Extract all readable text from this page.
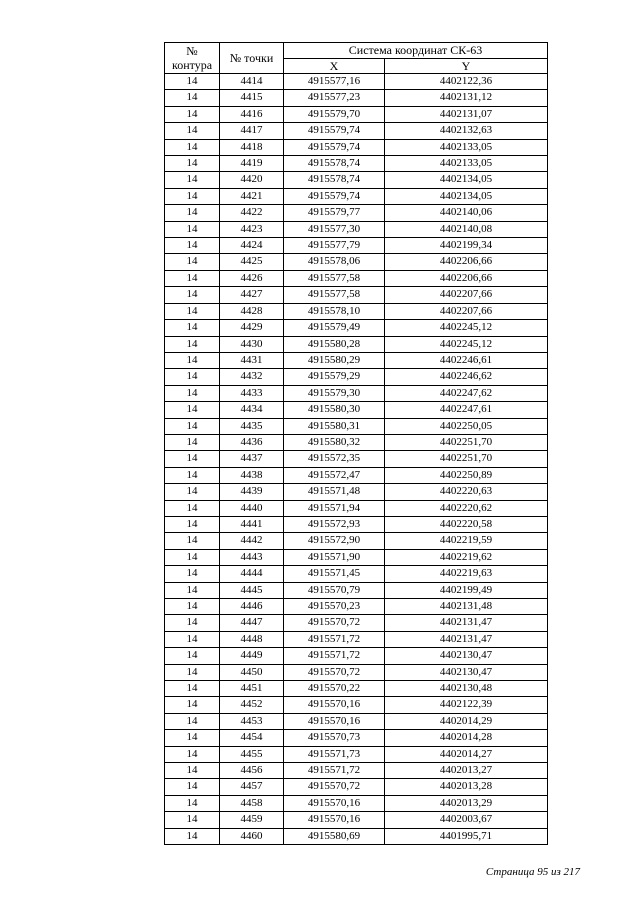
№
контура	№ точки	Система координат СК-63	
		X	Y
14	4414	4915577,16	4402122,36
14	4415	4915577,23	4402131,12
14	4416	4915579,70	4402131,07
14	4417	4915579,74	4402132,63
14	4418	4915579,74	4402133,05
14	4419	4915578,74	4402133,05
14	4420	4915578,74	4402134,05
14	4421	4915579,74	4402134,05
14	4422	4915579,77	4402140,06
14	4423	4915577,30	4402140,08
14	4424	4915577,79	4402199,34
14	4425	4915578,06	4402206,66
14	4426	4915577,58	4402206,66
14	4427	4915577,58	4402207,66
14	4428	4915578,10	4402207,66
14	4429	4915579,49	4402245,12
14	4430	4915580,28	4402245,12
14	4431	4915580,29	4402246,61
14	4432	4915579,29	4402246,62
14	4433	4915579,30	4402247,62
14	4434	4915580,30	4402247,61
14	4435	4915580,31	4402250,05
14	4436	4915580,32	4402251,70
14	4437	4915572,35	4402251,70
14	4438	4915572,47	4402250,89
14	4439	4915571,48	4402220,63
14	4440	4915571,94	4402220,62
14	4441	4915572,93	4402220,58
14	4442	4915572,90	4402219,59
14	4443	4915571,90	4402219,62
14	4444	4915571,45	4402219,63
14	4445	4915570,79	4402199,49
14	4446	4915570,23	4402131,48
14	4447	4915570,72	4402131,47
14	4448	4915571,72	4402131,47
14	4449	4915571,72	4402130,47
14	4450	4915570,72	4402130,47
14	4451	4915570,22	4402130,48
14	4452	4915570,16	4402122,39
14	4453	4915570,16	4402014,29
14	4454	4915570,73	4402014,28
14	4455	4915571,73	4402014,27
14	4456	4915571,72	4402013,27
14	4457	4915570,72	4402013,28
14	4458	4915570,16	4402013,29
14	4459	4915570,16	4402003,67
14	4460	4915580,69	4401995,71
Страница 95 из 217
